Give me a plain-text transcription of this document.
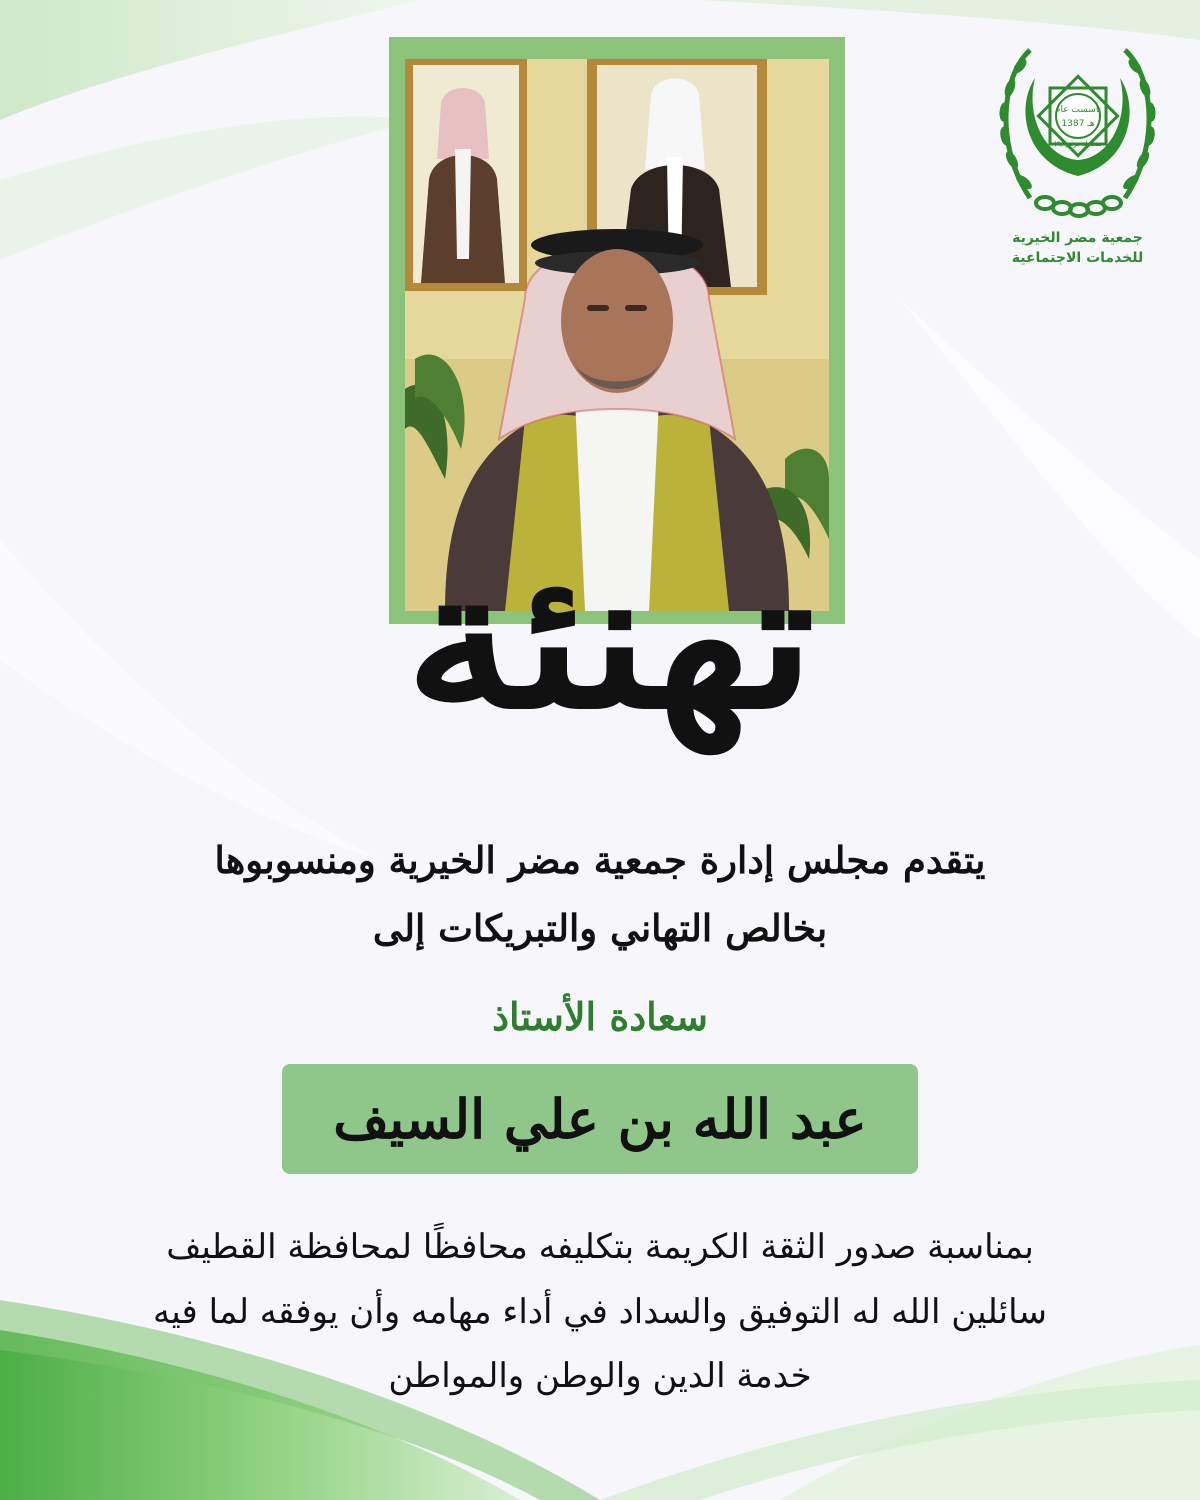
تأسست عام
1387 هـ
مسجلة برقم (٩)
جمعية مضر الخيرية
للخدمات الاجتماعية
تهنئة
يتقدم مجلس إدارة جمعية مضر الخيرية ومنسوبوها
بخالص التهاني والتبريكات إلى
سعادة الأستاذ
عبد الله بن علي السيف
بمناسبة صدور الثقة الكريمة بتكليفه محافظًا لمحافظة القطيف
سائلين الله له التوفيق والسداد في أداء مهامه وأن يوفقه لما فيه
خدمة الدين والوطن والمواطن
